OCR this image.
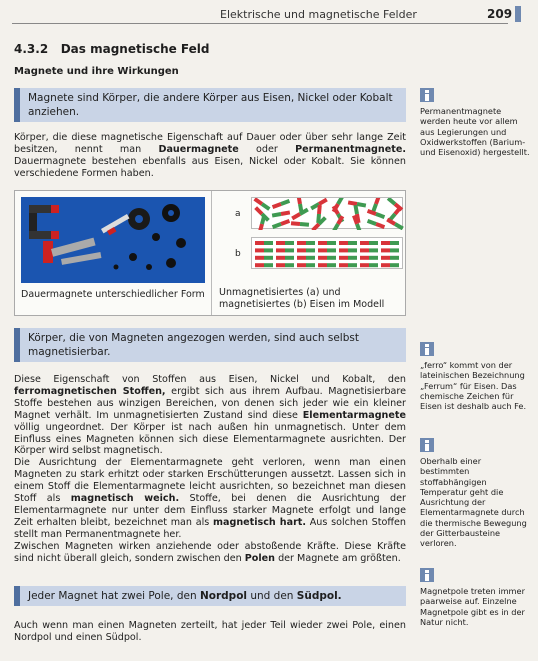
Elektrische und magnetische Felder	209
4.3.2 Das magnetische Feld
Magnete und ihre Wirkungen
Magnete sind Körper, die andere Körper aus Eisen, Nickel oder Kobalt anziehen.
Körper, die diese magnetische Eigenschaft auf Dauer oder über sehr lange Zeit besitzen, nennt man Dauermagnete oder Permanentmagnete. Dauermagnete bestehen ebenfalls aus Eisen, Nickel oder Kobalt. Sie können verschiedene Formen haben.
Dauermagnete unterschiedlicher Form
a
b
Unmagnetisiertes (a) und magnetisiertes (b) Eisen im Modell
Körper, die von Magneten angezogen werden, sind auch selbst magnetisierbar.
Diese Eigenschaft von Stoffen aus Eisen, Nickel und Kobalt, den ferromagnetischen Stoffen, ergibt sich aus ihrem Aufbau. Magnetisierbare Stoffe bestehen aus winzigen Bereichen, von denen sich jeder wie ein kleiner Magnet verhält. Im unmagnetisierten Zustand sind diese Elementarmagnete völlig ungeordnet. Der Körper ist nach außen hin unmagnetisch. Unter dem Einfluss eines Magneten können sich diese Elementarmagnete ausrichten. Der Körper wird selbst magnetisch.
Die Ausrichtung der Elementarmagnete geht verloren, wenn man einen Magneten zu stark erhitzt oder starken Erschütterungen aussetzt. Lassen sich in einem Stoff die Elementarmagnete leicht ausrichten, so bezeichnet man diesen Stoff als magnetisch weich. Stoffe, bei denen die Ausrichtung der Elementarmagnete nur unter dem Einfluss starker Magnete erfolgt und lange Zeit erhalten bleibt, bezeichnet man als magnetisch hart. Aus solchen Stoffen stellt man Permanentmagnete her.
Zwischen Magneten wirken anziehende oder abstoßende Kräfte. Diese Kräfte sind nicht überall gleich, sondern zwischen den Polen der Magnete am größten.
Jeder Magnet hat zwei Pole, den Nordpol und den Südpol.
Auch wenn man einen Magneten zerteilt, hat jeder Teil wieder zwei Pole, einen Nordpol und einen Südpol.
Permanentmagnete werden heute vor allem aus Legierungen und Oxidwerkstoffen (Barium- und Eisenoxid) hergestellt.
„ferro“ kommt von der lateinischen Bezeichnung „Ferrum“ für Eisen. Das chemische Zeichen für Eisen ist deshalb auch Fe.
Oberhalb einer bestimmten stoffabhängigen Temperatur geht die Ausrichtung der Elementarmagnete durch die thermische Bewegung der Gitterbausteine verloren.
Magnetpole treten immer paarweise auf. Einzelne Magnetpole gibt es in der Natur nicht.
